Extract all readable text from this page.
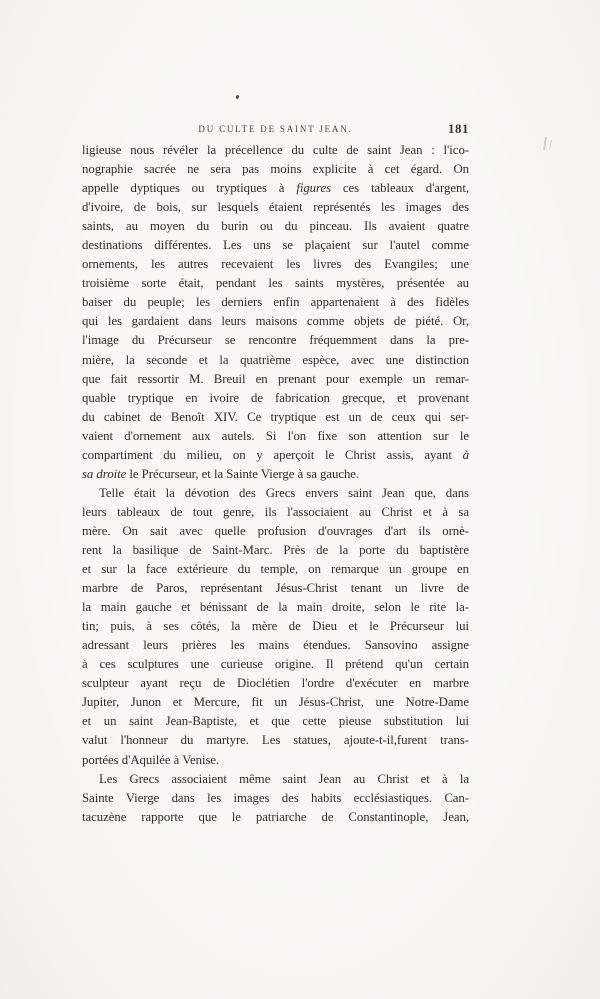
DU CULTE DE SAINT JEAN.	181
ligieuse nous révéler la précellence du culte de saint Jean : l'ico-
nographie sacrée ne sera pas moins explicite à cet égard. On
appelle dyptiques ou tryptiques à figures ces tableaux d'argent,
d'ivoire, de bois, sur lesquels étaient représentés les images des
saints, au moyen du burin ou du pinceau. Ils avaient quatre
destinations différentes. Les uns se plaçaient sur l'autel comme
ornements, les autres recevaient les livres des Evangiles; une
troisième sorte était, pendant les saints mystères, présentée au
baiser du peuple; les derniers enfin appartenaient à des fidèles
qui les gardaient dans leurs maisons comme objets de piété. Or,
l'image du Précurseur se rencontre fréquemment dans la pre-
mière, la seconde et la quatrième espèce, avec une distinction
que fait ressortir M. Breuil en prenant pour exemple un remar-
quable tryptique en ivoire de fabrication grecque, et provenant
du cabinet de Benoît XIV. Ce tryptique est un de ceux qui ser-
vaient d'ornement aux autels. Si l'on fixe son attention sur le
compartiment du milieu, on y aperçoit le Christ assis, ayant à
sa droite le Précurseur, et la Sainte Vierge à sa gauche.
Telle était la dévotion des Grecs envers saint Jean que, dans
leurs tableaux de tout genre, ils l'associaient au Christ et à sa
mère. On sait avec quelle profusion d'ouvrages d'art ils ornè-
rent la basilique de Saint-Marc. Près de la porte du baptistère
et sur la face extérieure du temple, on remarque un groupe en
marbre de Paros, représentant Jésus-Christ tenant un livre de
la main gauche et bénissant de la main droite, selon le rite la-
tin; puis, à ses côtés, la mère de Dieu et le Précurseur lui
adressant leurs prières les mains étendues. Sansovino assigne
à ces sculptures une curieuse origine. Il prétend qu'un certain
sculpteur ayant reçu de Dioclétien l'ordre d'exécuter en marbre
Jupiter, Junon et Mercure, fit un Jésus-Christ, une Notre-Dame
et un saint Jean-Baptiste, et que cette pieuse substitution lui
valut l'honneur du martyre. Les statues, ajoute-t-il,furent trans-
portées d'Aquilée à Venise.
Les Grecs associaient même saint Jean au Christ et à la
Sainte Vierge dans les images des habits ecclésiastiques. Can-
tacuzène rapporte que le patriarche de Constantinople, Jean,
